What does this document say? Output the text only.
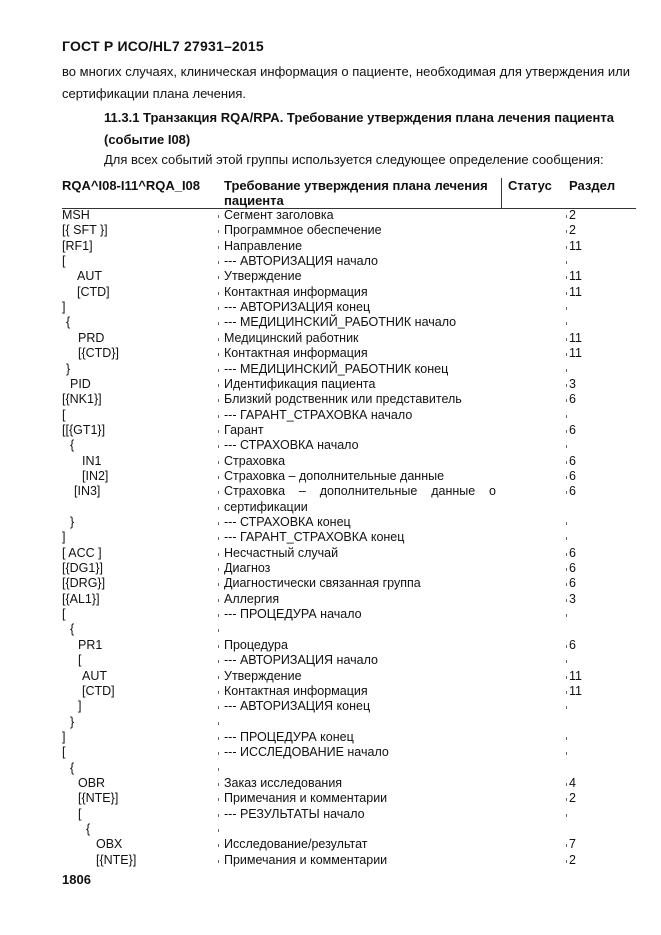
ГОСТ Р ИСО/HL7 27931–2015
во многих случаях, клиническая информация о пациенте, необходимая для утверждения или сертификации плана лечения.
11.3.1 Транзакция RQA/RPA. Требование утверждения плана лечения пациента (событие I08)
Для всех событий этой группы используется следующее определение сообщения:
RQA^I08-I11^RQA_I08 Требование утверждения плана лечения
пациента
Статус Раздел
MSH	Сегмент заголовка	2
[{ SFT }]	Программное обеспечение	2
[RF1]	Направление	11
[	--- АВТОРИЗАЦИЯ начало
AUT	Утверждение	11
[CTD]	Контактная информация	11
]	--- АВТОРИЗАЦИЯ конец
{	--- МЕДИЦИНСКИЙ_РАБОТНИК начало
PRD	Медицинский работник	11
[{CTD}]	Контактная информация	11
}	--- МЕДИЦИНСКИЙ_РАБОТНИК конец
PID	Идентификация пациента	3
[{NK1}]	Близкий родственник или представитель	6
[	--- ГАРАНТ_СТРАХОВКА начало
[[{GT1}]	Гарант	6
{	--- СТРАХОВКА начало
IN1	Страховка	6
[IN2]	Страховка – дополнительные данные	6
[IN3]	Страховка – дополнительные данные о	6
сертификации
}	--- СТРАХОВКА конец
]	--- ГАРАНТ_СТРАХОВКА конец
[ ACC ]	Несчастный случай	6
[{DG1}]	Диагноз	6
[{DRG}]	Диагностически связанная группа	6
[{AL1}]	Аллергия	3
[	--- ПРОЦЕДУРА начало
{
PR1	Процедура	6
[	--- АВТОРИЗАЦИЯ начало
AUT	Утверждение	11
[CTD]	Контактная информация	11
]	--- АВТОРИЗАЦИЯ конец
}
]	--- ПРОЦЕДУРА конец
[	--- ИССЛЕДОВАНИЕ начало
{
OBR	Заказ исследования	4
[{NTE}]	Примечания и комментарии	2
[	--- РЕЗУЛЬТАТЫ начало
{
OBX	Исследование/результат	7
[{NTE}]	Примечания и комментарии	2
1806
